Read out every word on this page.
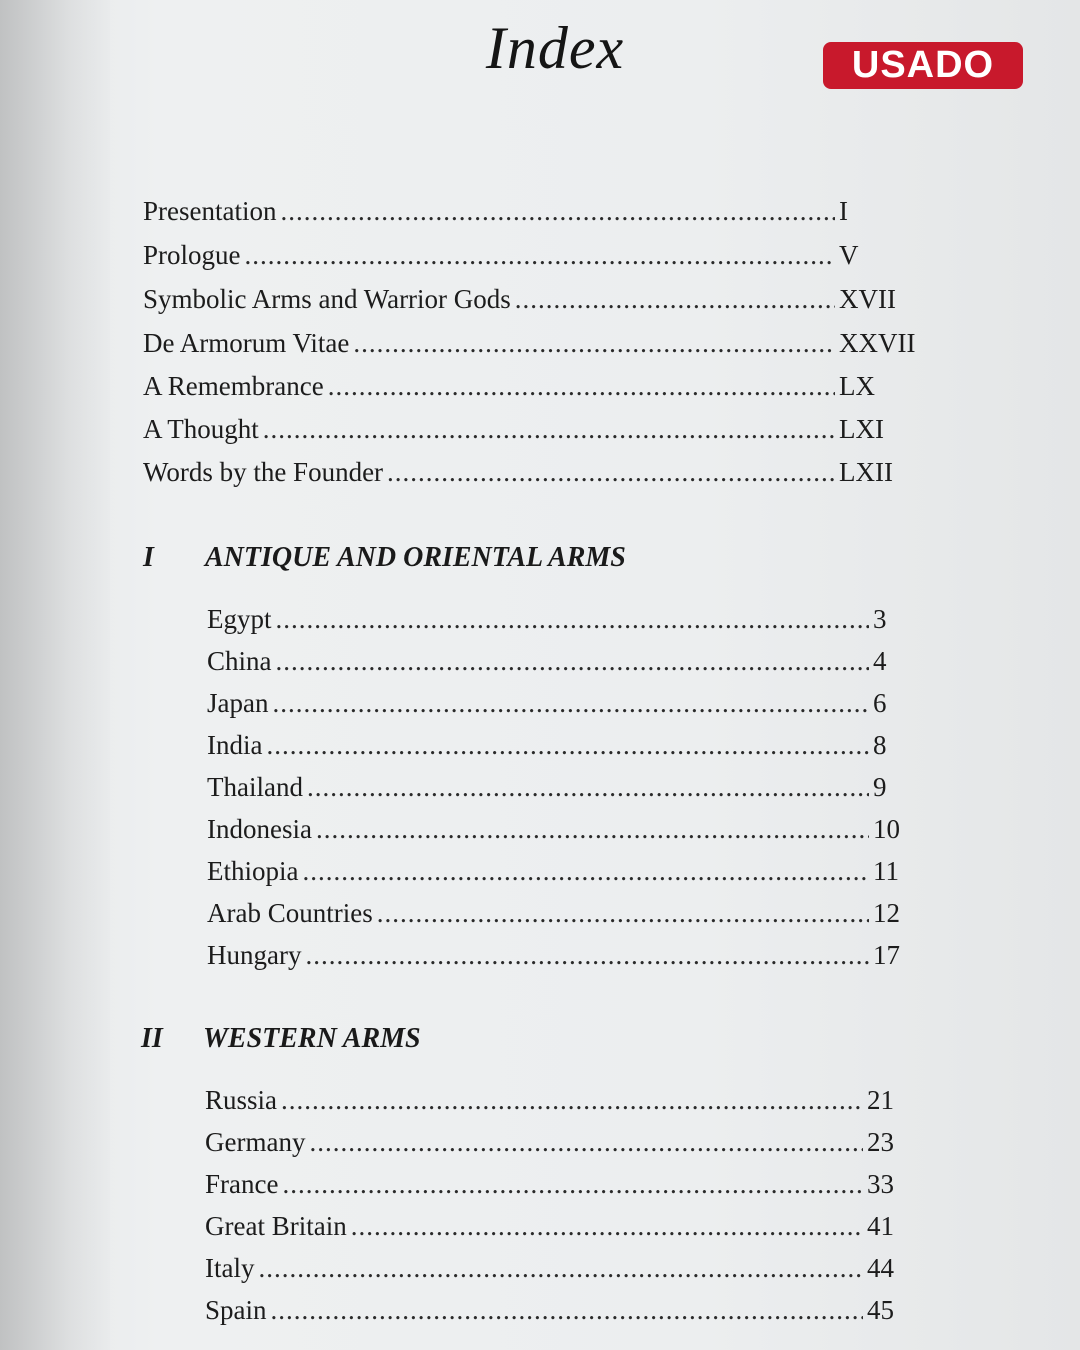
Index	USADO
Presentation .....	I
Prologue .....	V
Symbolic Arms and Warrior Gods .....	XVII
De Armorum Vitae .....	XXVII
A Remembrance .....	LX
A Thought .....	LXI
Words by the Founder .....	LXII
I	ANTIQUE AND ORIENTAL ARMS
Egypt .....	3
China .....	4
Japan .....	6
India .....	8
Thailand .....	9
Indonesia .....	10
Ethiopia .....	11
Arab Countries .....	12
Hungary .....	17
II	WESTERN ARMS
Russia .....	21
Germany .....	23
France .....	33
Great Britain .....	41
Italy .....	44
Spain .....	45
